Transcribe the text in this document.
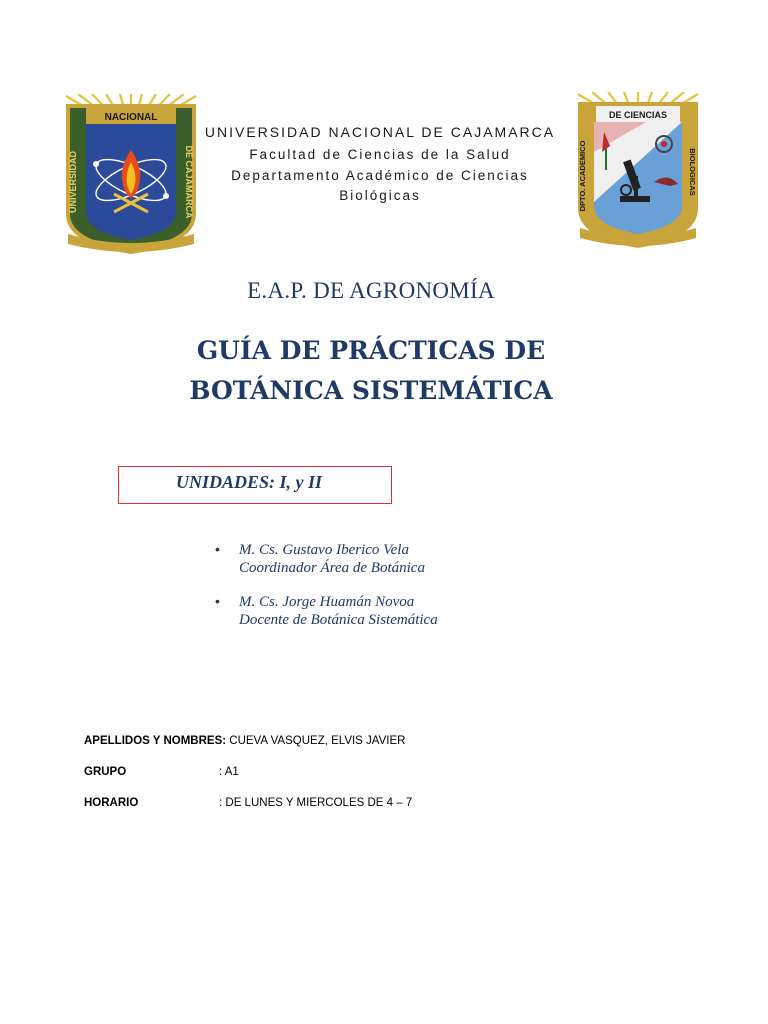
NACIONAL
UNIVERSIDAD	DE CAJAMARCA
DE CIENCIAS
DPTO. ACADEMICO	BIOLOGICAS
UNIVERSIDAD NACIONAL DE CAJAMARCA
Facultad de Ciencias de la Salud
Departamento Académico de Ciencias
Biológicas
E.A.P. DE AGRONOMÍA
GUÍA DE PRÁCTICAS DE
BOTÁNICA SISTEMÁTICA
UNIDADES: I, y II
• M. Cs. Gustavo Iberico Vela
Coordinador Área de Botánica
• M. Cs. Jorge Huamán Novoa
Docente de Botánica Sistemática
APELLIDOS Y NOMBRES: CUEVA VASQUEZ, ELVIS JAVIER
GRUPO	: A1
HORARIO	: DE LUNES Y MIERCOLES DE 4 – 7
